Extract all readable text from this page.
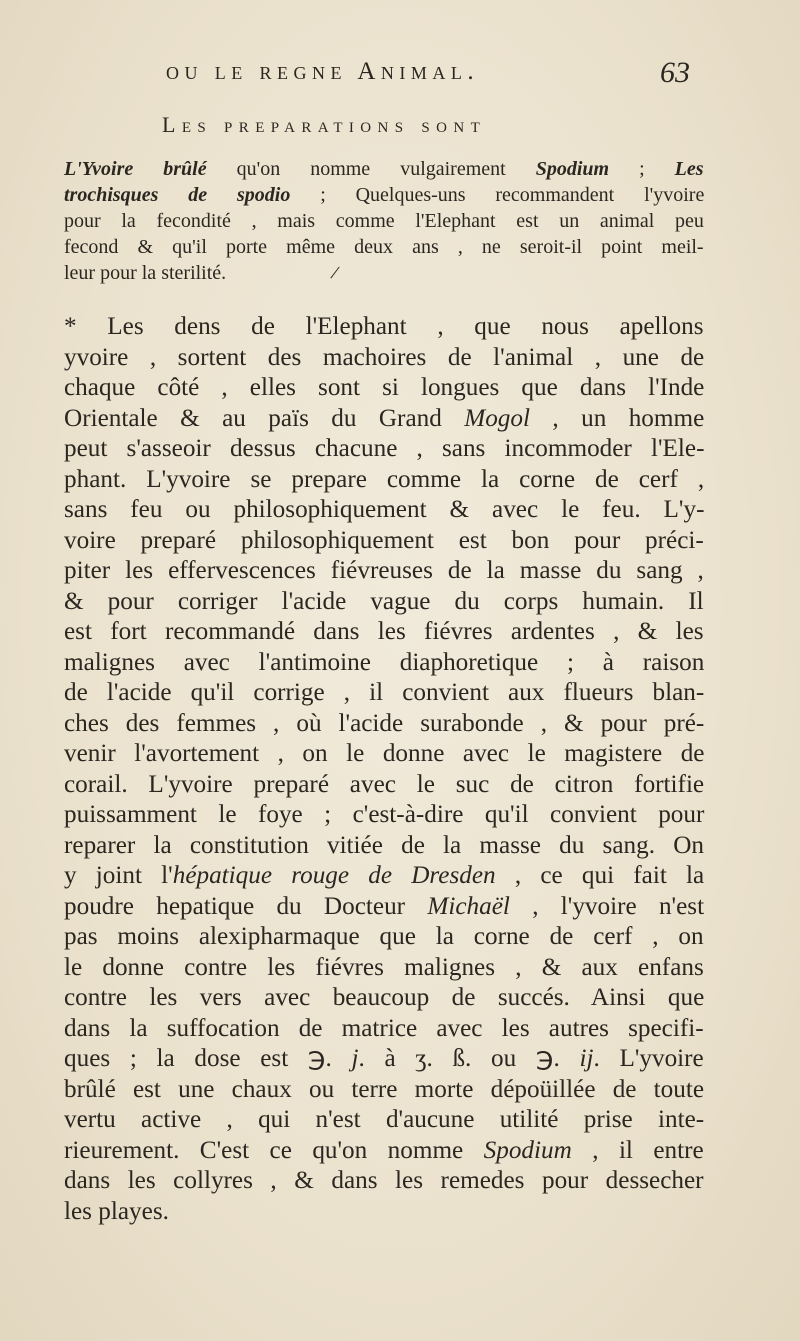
ou le regne Animal.	63
Les preparations sont
L'Yvoire brûlé qu'on nomme vulgairement Spodium ; Les
trochisques de spodio ; Quelques-uns recommandent l'yvoire
pour la fecondité , mais comme l'Elephant est un animal peu
fecond & qu'il porte même deux ans , ne seroit-il point meil-
leur pour la sterilité.	/
* Les dens de l'Elephant , que nous apellons
yvoire , sortent des machoires de l'animal , une de
chaque côté , elles sont si longues que dans l'Inde
Orientale & au païs du Grand Mogol , un homme
peut s'asseoir dessus chacune , sans incommoder l'Ele-
phant. L'yvoire se prepare comme la corne de cerf ,
sans feu ou philosophiquement & avec le feu. L'y-
voire preparé philosophiquement est bon pour préci-
piter les effervescences fiévreuses de la masse du sang ,
& pour corriger l'acide vague du corps humain. Il
est fort recommandé dans les fiévres ardentes , & les
malignes avec l'antimoine diaphoretique ; à raison
de l'acide qu'il corrige , il convient aux flueurs blan-
ches des femmes , où l'acide surabonde , & pour pré-
venir l'avortement , on le donne avec le magistere de
corail. L'yvoire preparé avec le suc de citron fortifie
puissamment le foye ; c'est-à-dire qu'il convient pour
reparer la constitution vitiée de la masse du sang. On
y joint l'hépatique rouge de Dresden , ce qui fait la
poudre hepatique du Docteur Michaël , l'yvoire n'est
pas moins alexipharmaque que la corne de cerf , on
le donne contre les fiévres malignes , & aux enfans
contre les vers avec beaucoup de succés. Ainsi que
dans la suffocation de matrice avec les autres specifi-
ques ; la dose est ℈. j. à ʒ. ß. ou ℈. ij. L'yvoire
brûlé est une chaux ou terre morte dépoüillée de toute
vertu active , qui n'est d'aucune utilité prise inte-
rieurement. C'est ce qu'on nomme Spodium , il entre
dans les collyres , & dans les remedes pour dessecher
les playes.
